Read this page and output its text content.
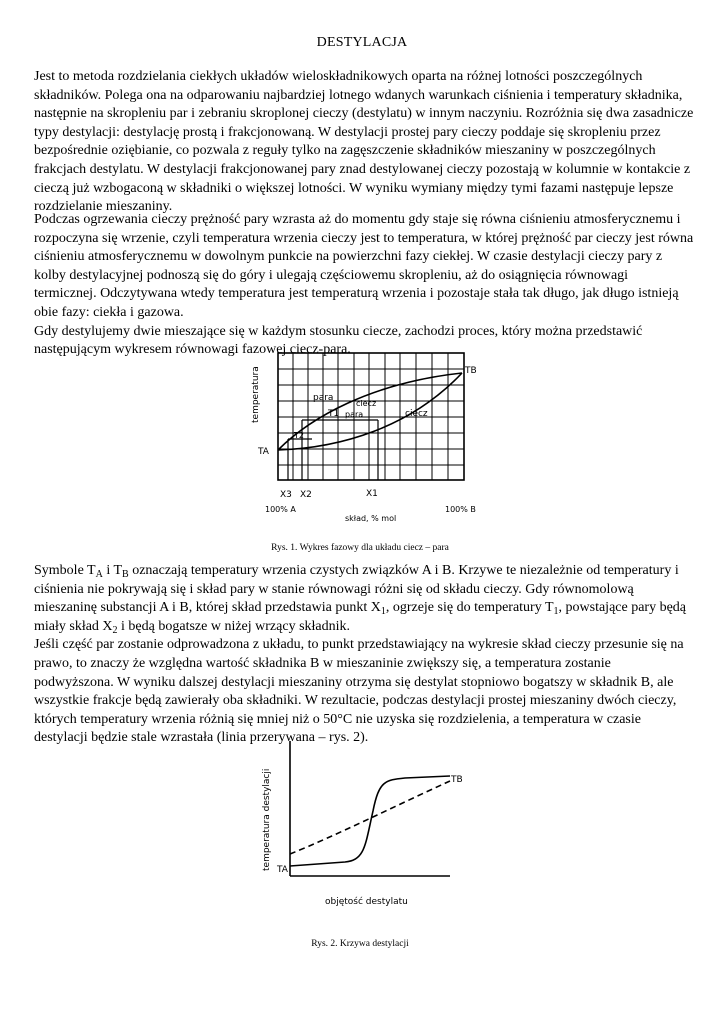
DESTYLACJA

Jest to metoda rozdzielania ciekłych układów wieloskładnikowych oparta na różnej lotności poszczególnych składników. Polega ona na odparowaniu najbardziej lotnego wdanych warunkach ciśnienia i temperatury składnika, następnie na skropleniu par i zebraniu skroplonej cieczy (destylatu) w innym naczyniu. Rozróżnia się dwa zasadnicze typy destylacji: destylację prostą i frakcjonowaną. W destylacji prostej pary cieczy poddaje się skropleniu przez bezpośrednie oziębianie, co pozwala z reguły tylko na zagęszczenie składników mieszaniny w poszczególnych frakcjach destylatu. W destylacji frakcjonowanej pary znad destylowanej cieczy pozostają w kolumnie w kontakcie z cieczą już wzbogaconą w składniki o większej lotności. W wyniku wymiany między tymi fazami następuje lepsze rozdzielanie mieszaniny.

Podczas ogrzewania cieczy prężność pary wzrasta aż do momentu gdy staje się równa ciśnieniu atmosferycznemu i rozpoczyna się wrzenie, czyli temperatura wrzenia cieczy jest to temperatura, w której prężność par cieczy jest równa ciśnieniu atmosferycznemu w dowolnym punkcie na powierzchni fazy ciekłej. W czasie destylacji cieczy pary z kolby destylacyjnej podnoszą się do góry i ulegają częściowemu skropleniu, aż do osiągnięcia równowagi termicznej. Odczytywana wtedy temperatura jest temperaturą wrzenia i pozostaje stała tak długo, jak długo istnieją obie fazy: ciekła i gazowa.
Gdy destylujemy dwie mieszające się w każdym stosunku ciecze, zachodzi proces, który można przedstawić następującym wykresem równowagi fazowej ciecz-para.
temperatura	para
ciecz
T1 para	ciecz
T2
TA
TB
X3 X2	X1
100% A	100% B
skład, % mol
Rys. 1. Wykres fazowy dla układu ciecz – para
Symbole $T_A$ i $T_B$ oznaczają temperatury wrzenia czystych związków A i B. Krzywe te niezależnie od temperatury i ciśnienia nie pokrywają się i skład pary w stanie równowagi różni się od składu cieczy. Gdy równomolową mieszaninę substancji A i B, której skład przedstawia punkt $X_1$, ogrzeje się do temperatury $T_1$, powstające pary będą miały skład $X_2$ i będą bogatsze w niżej wrzący składnik.
Jeśli część par zostanie odprowadzona z układu, to punkt przedstawiający na wykresie skład cieczy przesunie się na prawo, to znaczy że względna wartość składnika B w mieszaninie zwiększy się, a temperatura zostanie podwyższona. W wyniku dalszej destylacji mieszaniny otrzyma się destylat stopniowo bogatszy w składnik B, ale wszystkie frakcje będą zawierały oba składniki. W rezultacie, podczas destylacji prostej mieszaniny dwóch cieczy, których temperatury wrzenia różnią się mniej niż o 50°C nie uzyska się rozdzielenia, a temperatura w czasie destylacji będzie stale wzrastała (linia przerywana – rys. 2).
temperatura destylacji TA
TB
objętość destylatu
Rys. 2. Krzywa destylacji
